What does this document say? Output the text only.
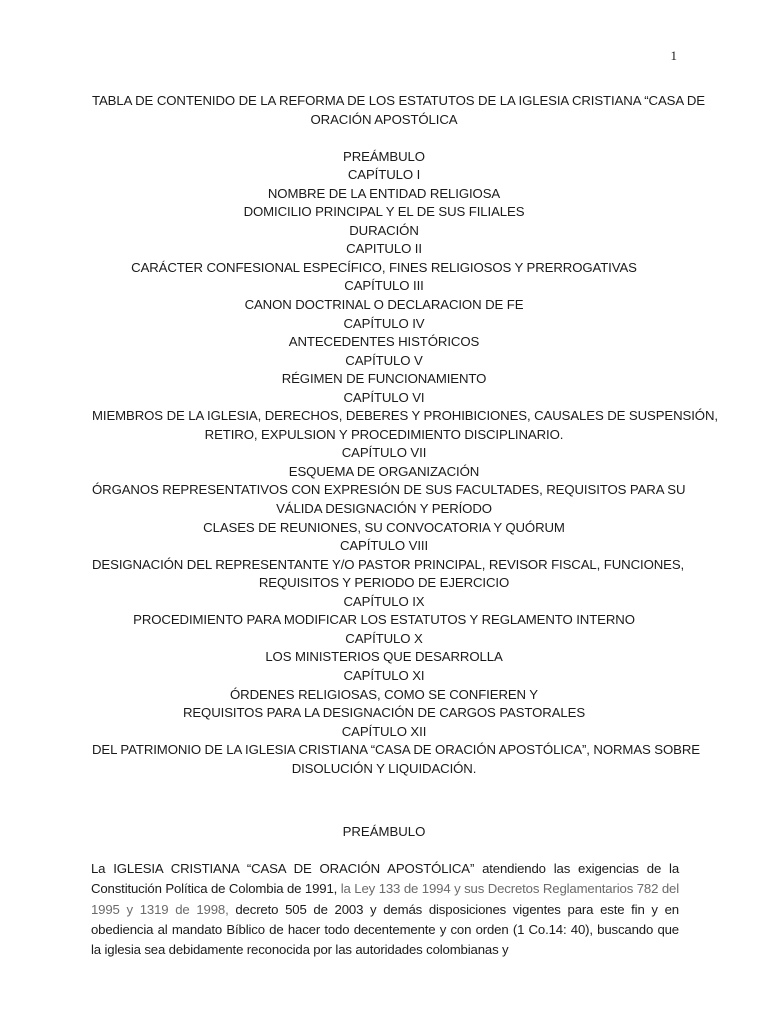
1
TABLA DE CONTENIDO DE LA REFORMA DE LOS ESTATUTOS DE LA IGLESIA CRISTIANA “CASA DE
ORACIÓN APOSTÓLICA
PREÁMBULO
CAPÍTULO I
NOMBRE DE LA ENTIDAD RELIGIOSA
DOMICILIO PRINCIPAL Y EL DE SUS FILIALES
DURACIÓN
CAPITULO II
CARÁCTER CONFESIONAL ESPECÍFICO, FINES RELIGIOSOS Y PRERROGATIVAS
CAPÍTULO III
CANON DOCTRINAL O DECLARACION DE FE
CAPÍTULO IV
ANTECEDENTES HISTÓRICOS
CAPÍTULO V
RÉGIMEN DE FUNCIONAMIENTO
CAPÍTULO VI
MIEMBROS DE LA IGLESIA, DERECHOS, DEBERES Y PROHIBICIONES, CAUSALES DE SUSPENSIÓN,
RETIRO, EXPULSION Y PROCEDIMIENTO DISCIPLINARIO.
CAPÍTULO VII
ESQUEMA DE ORGANIZACIÓN
ÓRGANOS REPRESENTATIVOS CON EXPRESIÓN DE SUS FACULTADES, REQUISITOS PARA SU
VÁLIDA DESIGNACIÓN Y PERÍODO
CLASES DE REUNIONES, SU CONVOCATORIA Y QUÓRUM
CAPÍTULO VIII
DESIGNACIÓN DEL REPRESENTANTE Y/O PASTOR PRINCIPAL, REVISOR FISCAL, FUNCIONES,
REQUISITOS Y PERIODO DE EJERCICIO
CAPÍTULO IX
PROCEDIMIENTO PARA MODIFICAR LOS ESTATUTOS Y REGLAMENTO INTERNO
CAPÍTULO X
LOS MINISTERIOS QUE DESARROLLA
CAPÍTULO XI
ÓRDENES RELIGIOSAS, COMO SE CONFIEREN Y
REQUISITOS PARA LA DESIGNACIÓN DE CARGOS PASTORALES
CAPÍTULO XII
DEL PATRIMONIO DE LA IGLESIA CRISTIANA “CASA DE ORACIÓN APOSTÓLICA”, NORMAS SOBRE
DISOLUCIÓN Y LIQUIDACIÓN.
PREÁMBULO
La IGLESIA CRISTIANA “CASA DE ORACIÓN APOSTÓLICA” atendiendo las exigencias de la Constitución Política de Colombia de 1991, la Ley 133 de 1994 y sus Decretos Reglamentarios 782 del 1995 y 1319 de 1998, decreto 505 de 2003 y demás disposiciones vigentes para este fin y en obediencia al mandato Bíblico de hacer todo decentemente y con orden (1 Co.14: 40), buscando que la iglesia sea debidamente reconocida por las autoridades colombianas y
